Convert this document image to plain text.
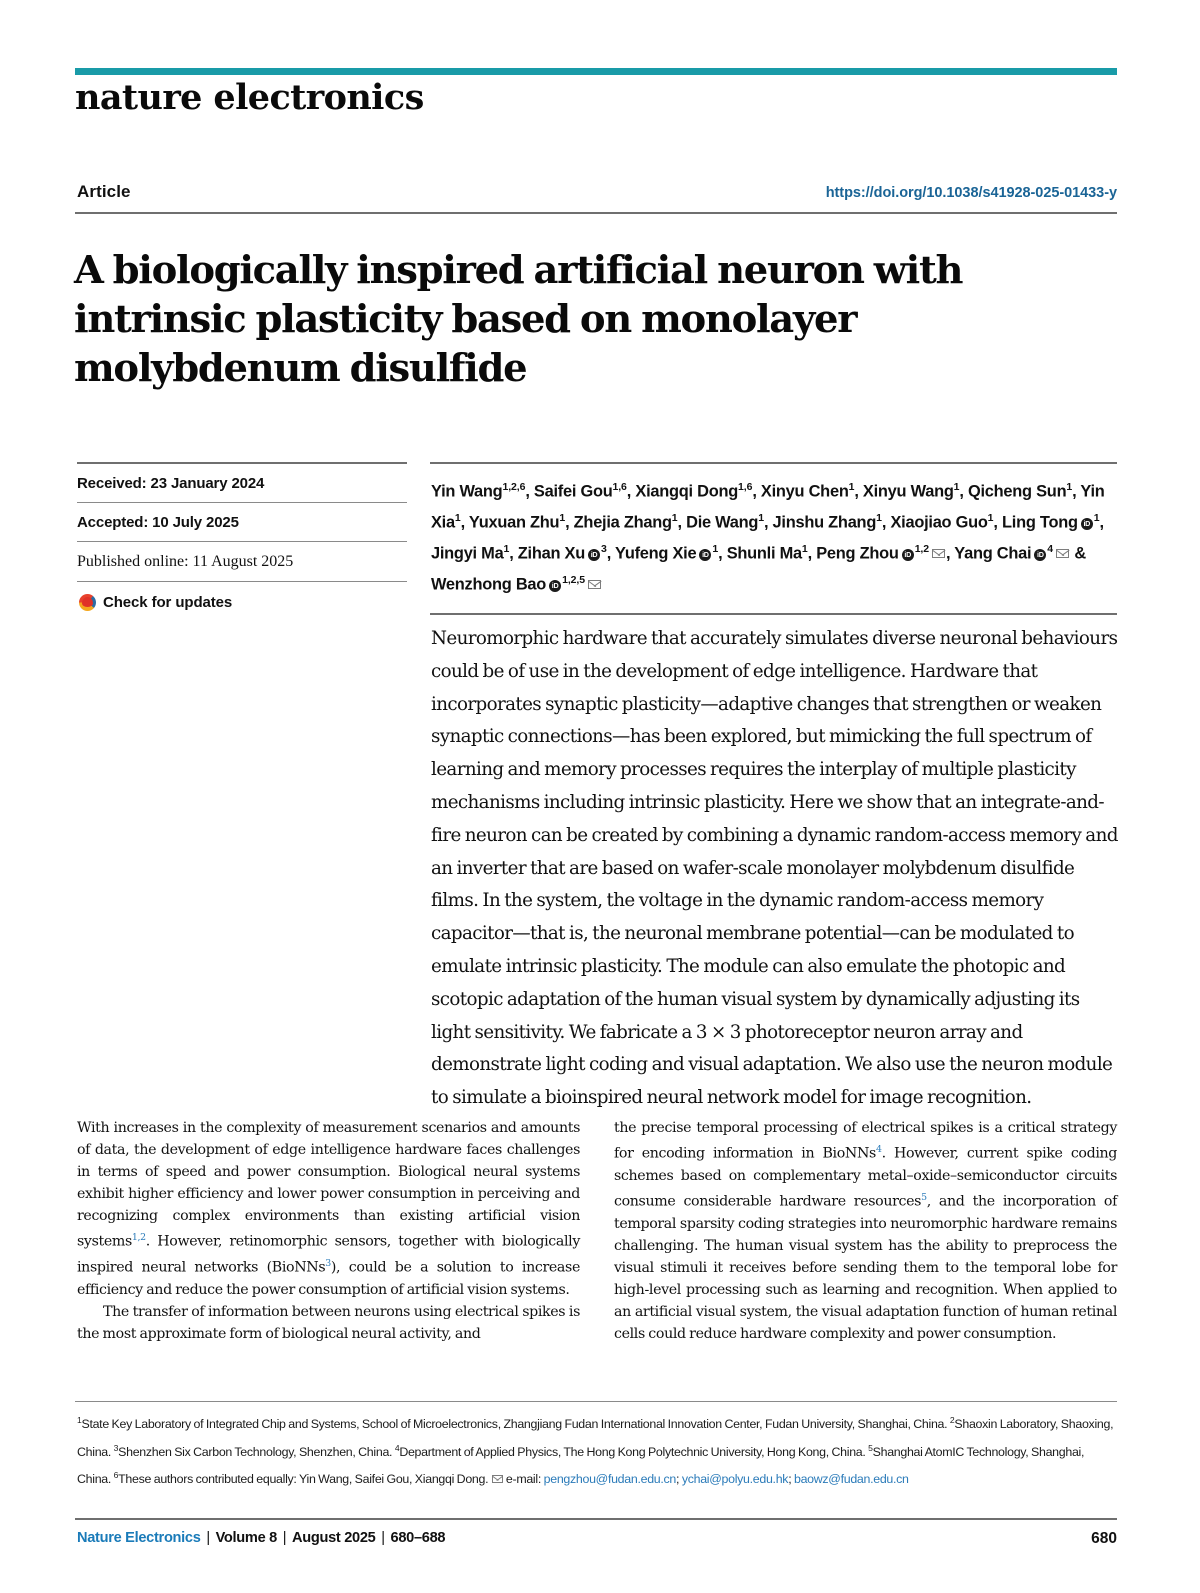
nature electronics
Article	https://doi.org/10.1038/s41928-025-01433-y
A biologically inspired artificial neuron with intrinsic plasticity based on monolayer molybdenum disulfide
Received: 23 January 2024
Accepted: 10 July 2025
Published online: 11 August 2025
Check for updates
Yin Wang$^{1,2,6}$, Saifei Gou$^{1,6}$, Xiangqi Dong$^{1,6}$, Xinyu Chen$^1$, Xinyu Wang$^1$, Qicheng Sun$^1$, Yin Xia$^1$, Yuxuan Zhu$^1$, Zhejia Zhang$^1$, Die Wang$^1$, Jinshu Zhang$^1$, Xiaojiao Guo$^1$, Ling Tong iD $^1$, Jingyi Ma$^1$, Zihan Xu iD $^3$, Yufeng Xie iD $^1$, Shunli Ma$^1$, Peng Zhou iD $^{1,2}$ , Yang Chai iD $^4$ & Wenzhong Bao iD $^{1,2,5}$
Neuromorphic hardware that accurately simulates diverse neuronal behaviours could be of use in the development of edge intelligence. Hardware that incorporates synaptic plasticity—adaptive changes that strengthen or weaken synaptic connections—has been explored, but mimicking the full spectrum of learning and memory processes requires the interplay of multiple plasticity mechanisms including intrinsic plasticity. Here we show that an integrate-and-fire neuron can be created by combining a dynamic random-access memory and an inverter that are based on wafer-scale monolayer molybdenum disulfide films. In the system, the voltage in the dynamic random-access memory capacitor—that is, the neuronal membrane potential—can be modulated to emulate intrinsic plasticity. The module can also emulate the photopic and scotopic adaptation of the human visual system by dynamically adjusting its light sensitivity. We fabricate a 3 × 3 photoreceptor neuron array and demonstrate light coding and visual adaptation. We also use the neuron module to simulate a bioinspired neural network model for image recognition.

With increases in the complexity of measurement scenarios and amounts of data, the development of edge intelligence hardware faces challenges in terms of speed and power consumption. Biological neural systems exhibit higher efficiency and lower power consumption in perceiving and recognizing complex environments than existing artificial vision systems$^{1,2}$. However, retinomorphic sensors, together with biologically inspired neural networks (BioNNs$^3$), could be a solution to increase efficiency and reduce the power consumption of artificial vision systems.

The transfer of information between neurons using electrical spikes is the most approximate form of biological neural activity, and

the precise temporal processing of electrical spikes is a critical strategy for encoding information in BioNNs$^4$. However, current spike coding schemes based on complementary metal–oxide–semiconductor circuits consume considerable hardware resources$^5$, and the incorporation of temporal sparsity coding strategies into neuromorphic hardware remains challenging. The human visual system has the ability to preprocess the visual stimuli it receives before sending them to the temporal lobe for high-level processing such as learning and recognition. When applied to an artificial visual system, the visual adaptation function of human retinal cells could reduce hardware complexity and power consumption.

$^1$State Key Laboratory of Integrated Chip and Systems, School of Microelectronics, Zhangjiang Fudan International Innovation Center, Fudan University, Shanghai, China. $^2$Shaoxin Laboratory, Shaoxing, China. $^3$Shenzhen Six Carbon Technology, Shenzhen, China. $^4$Department of Applied Physics, The Hong Kong Polytechnic University, Hong Kong, China. $^5$Shanghai AtomIC Technology, Shanghai, China. $^6$These authors contributed equally: Yin Wang, Saifei Gou, Xiangqi Dong. e-mail: pengzhou@fudan.edu.cn; ychai@polyu.edu.hk; baowz@fudan.edu.cn
Nature Electronics | Volume 8 | August 2025 | 680–688	680
